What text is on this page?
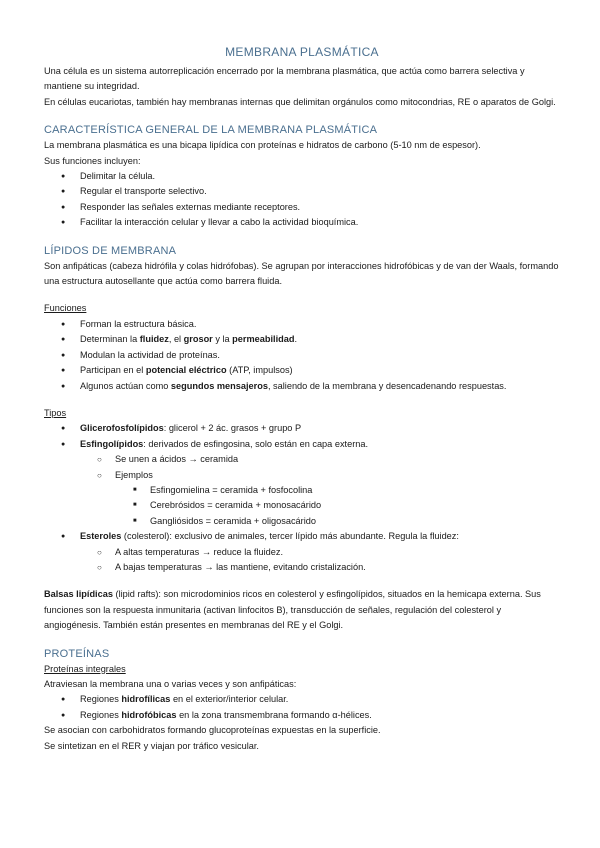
MEMBRANA PLASMÁTICA

Una célula es un sistema autorreplicación encerrado por la membrana plasmática, que actúa como barrera selectiva y mantiene su integridad.

En células eucariotas, también hay membranas internas que delimitan orgánulos como mitocondrias, RE o aparatos de Golgi.

CARACTERÍSTICA GENERAL DE LA MEMBRANA PLASMÁTICA

La membrana plasmática es una bicapa lipídica con proteínas e hidratos de carbono (5-10 nm de espesor).

Sus funciones incluyen:

● Delimitar la célula.
● Regular el transporte selectivo.
● Responder las señales externas mediante receptores.
● Facilitar la interacción celular y llevar a cabo la actividad bioquímica.
LÍPIDOS DE MEMBRANA

Son anfipáticas (cabeza hidrófila y colas hidrófobas). Se agrupan por interacciones hidrofóbicas y de van der Waals, formando una estructura autosellante que actúa como barrera fluida.

Funciones

● Forman la estructura básica.
● Determinan la fluidez, el grosor y la permeabilidad.
● Modulan la actividad de proteínas.
● Participan en el potencial eléctrico (ATP, impulsos)
● Algunos actúan como segundos mensajeros, saliendo de la membrana y desencadenando respuestas.

Tipos

● Glicerofosfolípidos: glicerol + 2 ác. grasos + grupo P
● Esfingolípidos: derivados de esfingosina, solo están en capa externa.
○ Se unen a ácidos → ceramida
○ Ejemplos
■ Esfingomielina = ceramida + fosfocolina
■ Cerebrósidos = ceramida + monosacárido
■ Gangliósidos = ceramida + oligosacárido
● Esteroles (colesterol): exclusivo de animales, tercer lípido más abundante. Regula la fluidez:
○ A altas temperaturas → reduce la fluidez.
○ A bajas temperaturas → las mantiene, evitando cristalización.

Balsas lipídicas (lipid rafts): son microdominios ricos en colesterol y esfingolípidos, situados en la hemicapa externa. Sus funciones son la respuesta inmunitaria (activan linfocitos B), transducción de señales, regulación del colesterol y angiogénesis. También están presentes en membranas del RE y el Golgi.

PROTEÍNAS

Proteínas integrales

Atraviesan la membrana una o varias veces y son anfipáticas:

● Regiones hidrofílicas en el exterior/interior celular.
● Regiones hidrofóbicas en la zona transmembrana formando α-hélices.

Se asocian con carbohidratos formando glucoproteínas expuestas en la superficie.

Se sintetizan en el RER y viajan por tráfico vesicular.
